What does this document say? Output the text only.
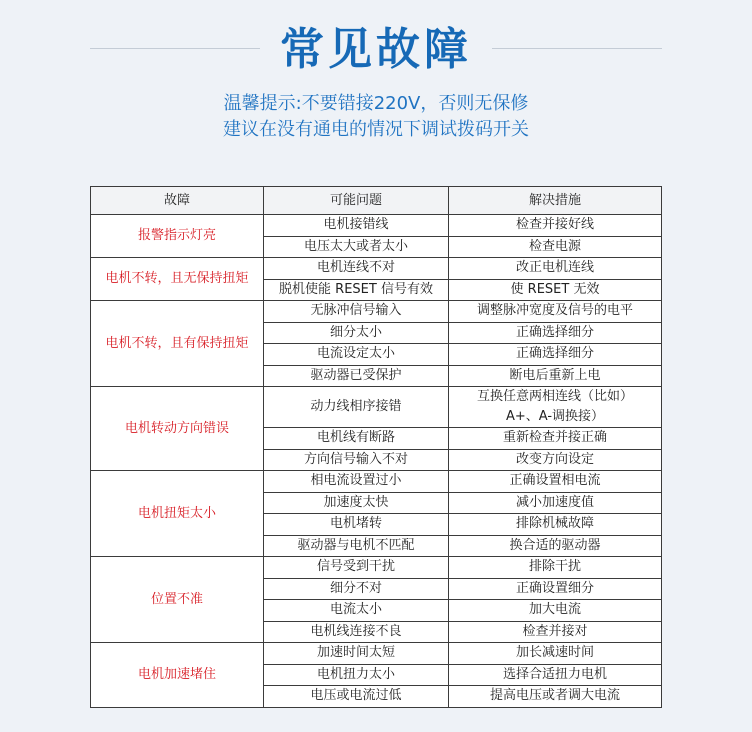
常见故障
温馨提示:不要错接220V，否则无保修
建议在没有通电的情况下调试拨码开关
故障	可能问题	解决措施
报警指示灯亮	电机接错线	检查并接好线
	电压太大或者太小	检查电源
电机不转，且无保持扭矩	电机连线不对	改正电机连线
	脱机使能 RESET 信号有效	使 RESET 无效
电机不转，且有保持扭矩	无脉冲信号输入	调整脉冲宽度及信号的电平
	细分太小	正确选择细分
	电流设定太小	正确选择细分
	驱动器已受保护	断电后重新上电
电机转动方向错误	动力线相序接错	互换任意两相连线（比如）
A+、A-调换接）

	电机线有断路	重新检查并接正确
	方向信号输入不对	改变方向设定
电机扭矩太小	相电流设置过小	正确设置相电流
	加速度太快	减小加速度值
	电机堵转	排除机械故障
	驱动器与电机不匹配	换合适的驱动器
位置不准	信号受到干扰	排除干扰
	细分不对	正确设置细分
	电流太小	加大电流
	电机线连接不良	检查并接对
电机加速堵住	加速时间太短	加长减速时间
	电机扭力太小	选择合适扭力电机
	电压或电流过低	提高电压或者调大电流
